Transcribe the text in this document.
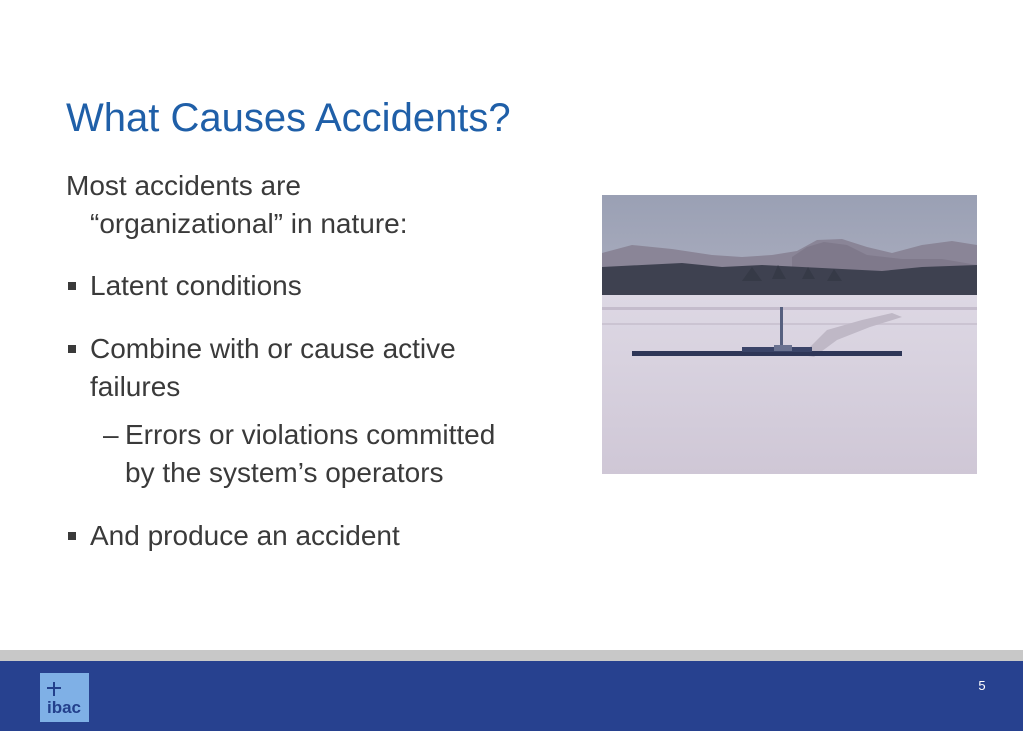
What Causes Accidents?
Most accidents are
“organizational” in nature:
Latent conditions
Combine with or cause active
failures
– Errors or violations committed
by the system’s operators
And produce an accident
ibac
5
